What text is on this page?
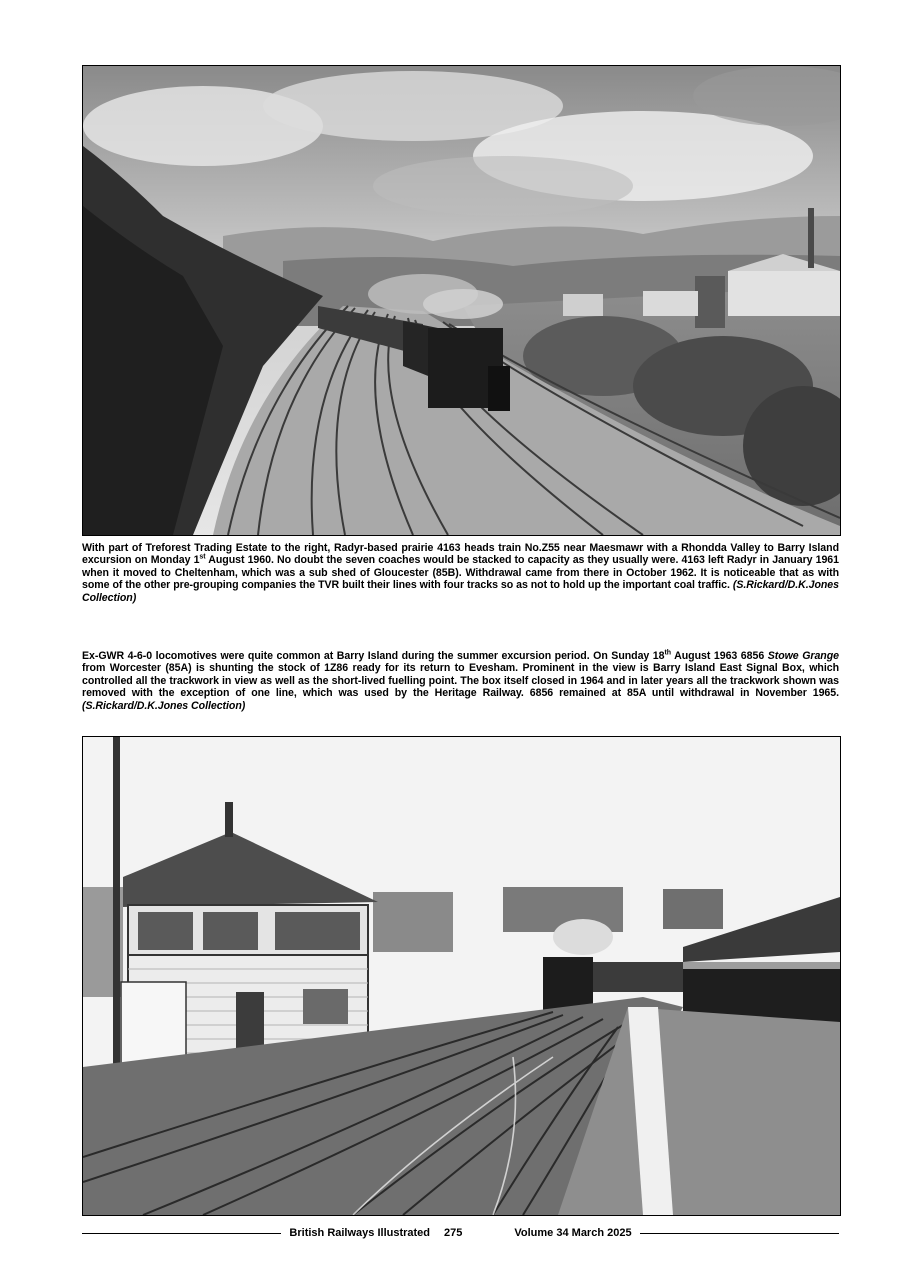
With part of Treforest Trading Estate to the right, Radyr-based prairie 4163 heads train No.Z55 near Maesmawr with a Rhondda Valley to Barry Island excursion on Monday 1st August 1960. No doubt the seven coaches would be stacked to capacity as they usually were. 4163 left Radyr in January 1961 when it moved to Cheltenham, which was a sub shed of Gloucester (85B). Withdrawal came from there in October 1962. It is noticeable that as with some of the other pre-grouping companies the TVR built their lines with four tracks so as not to hold up the important coal traffic. (S.Rickard/D.K.Jones Collection)

Ex-GWR 4-6-0 locomotives were quite common at Barry Island during the summer excursion period. On Sunday 18th August 1963 6856 Stowe Grange from Worcester (85A) is shunting the stock of 1Z86 ready for its return to Evesham. Prominent in the view is Barry Island East Signal Box, which controlled all the trackwork in view as well as the short-lived fuelling point. The box itself closed in 1964 and in later years all the trackwork shown was removed with the exception of one line, which was used by the Heritage Railway. 6856 remained at 85A until withdrawal in November 1965. (S.Rickard/D.K.Jones Collection)

British Railways Illustrated 275	Volume 34 March 2025
